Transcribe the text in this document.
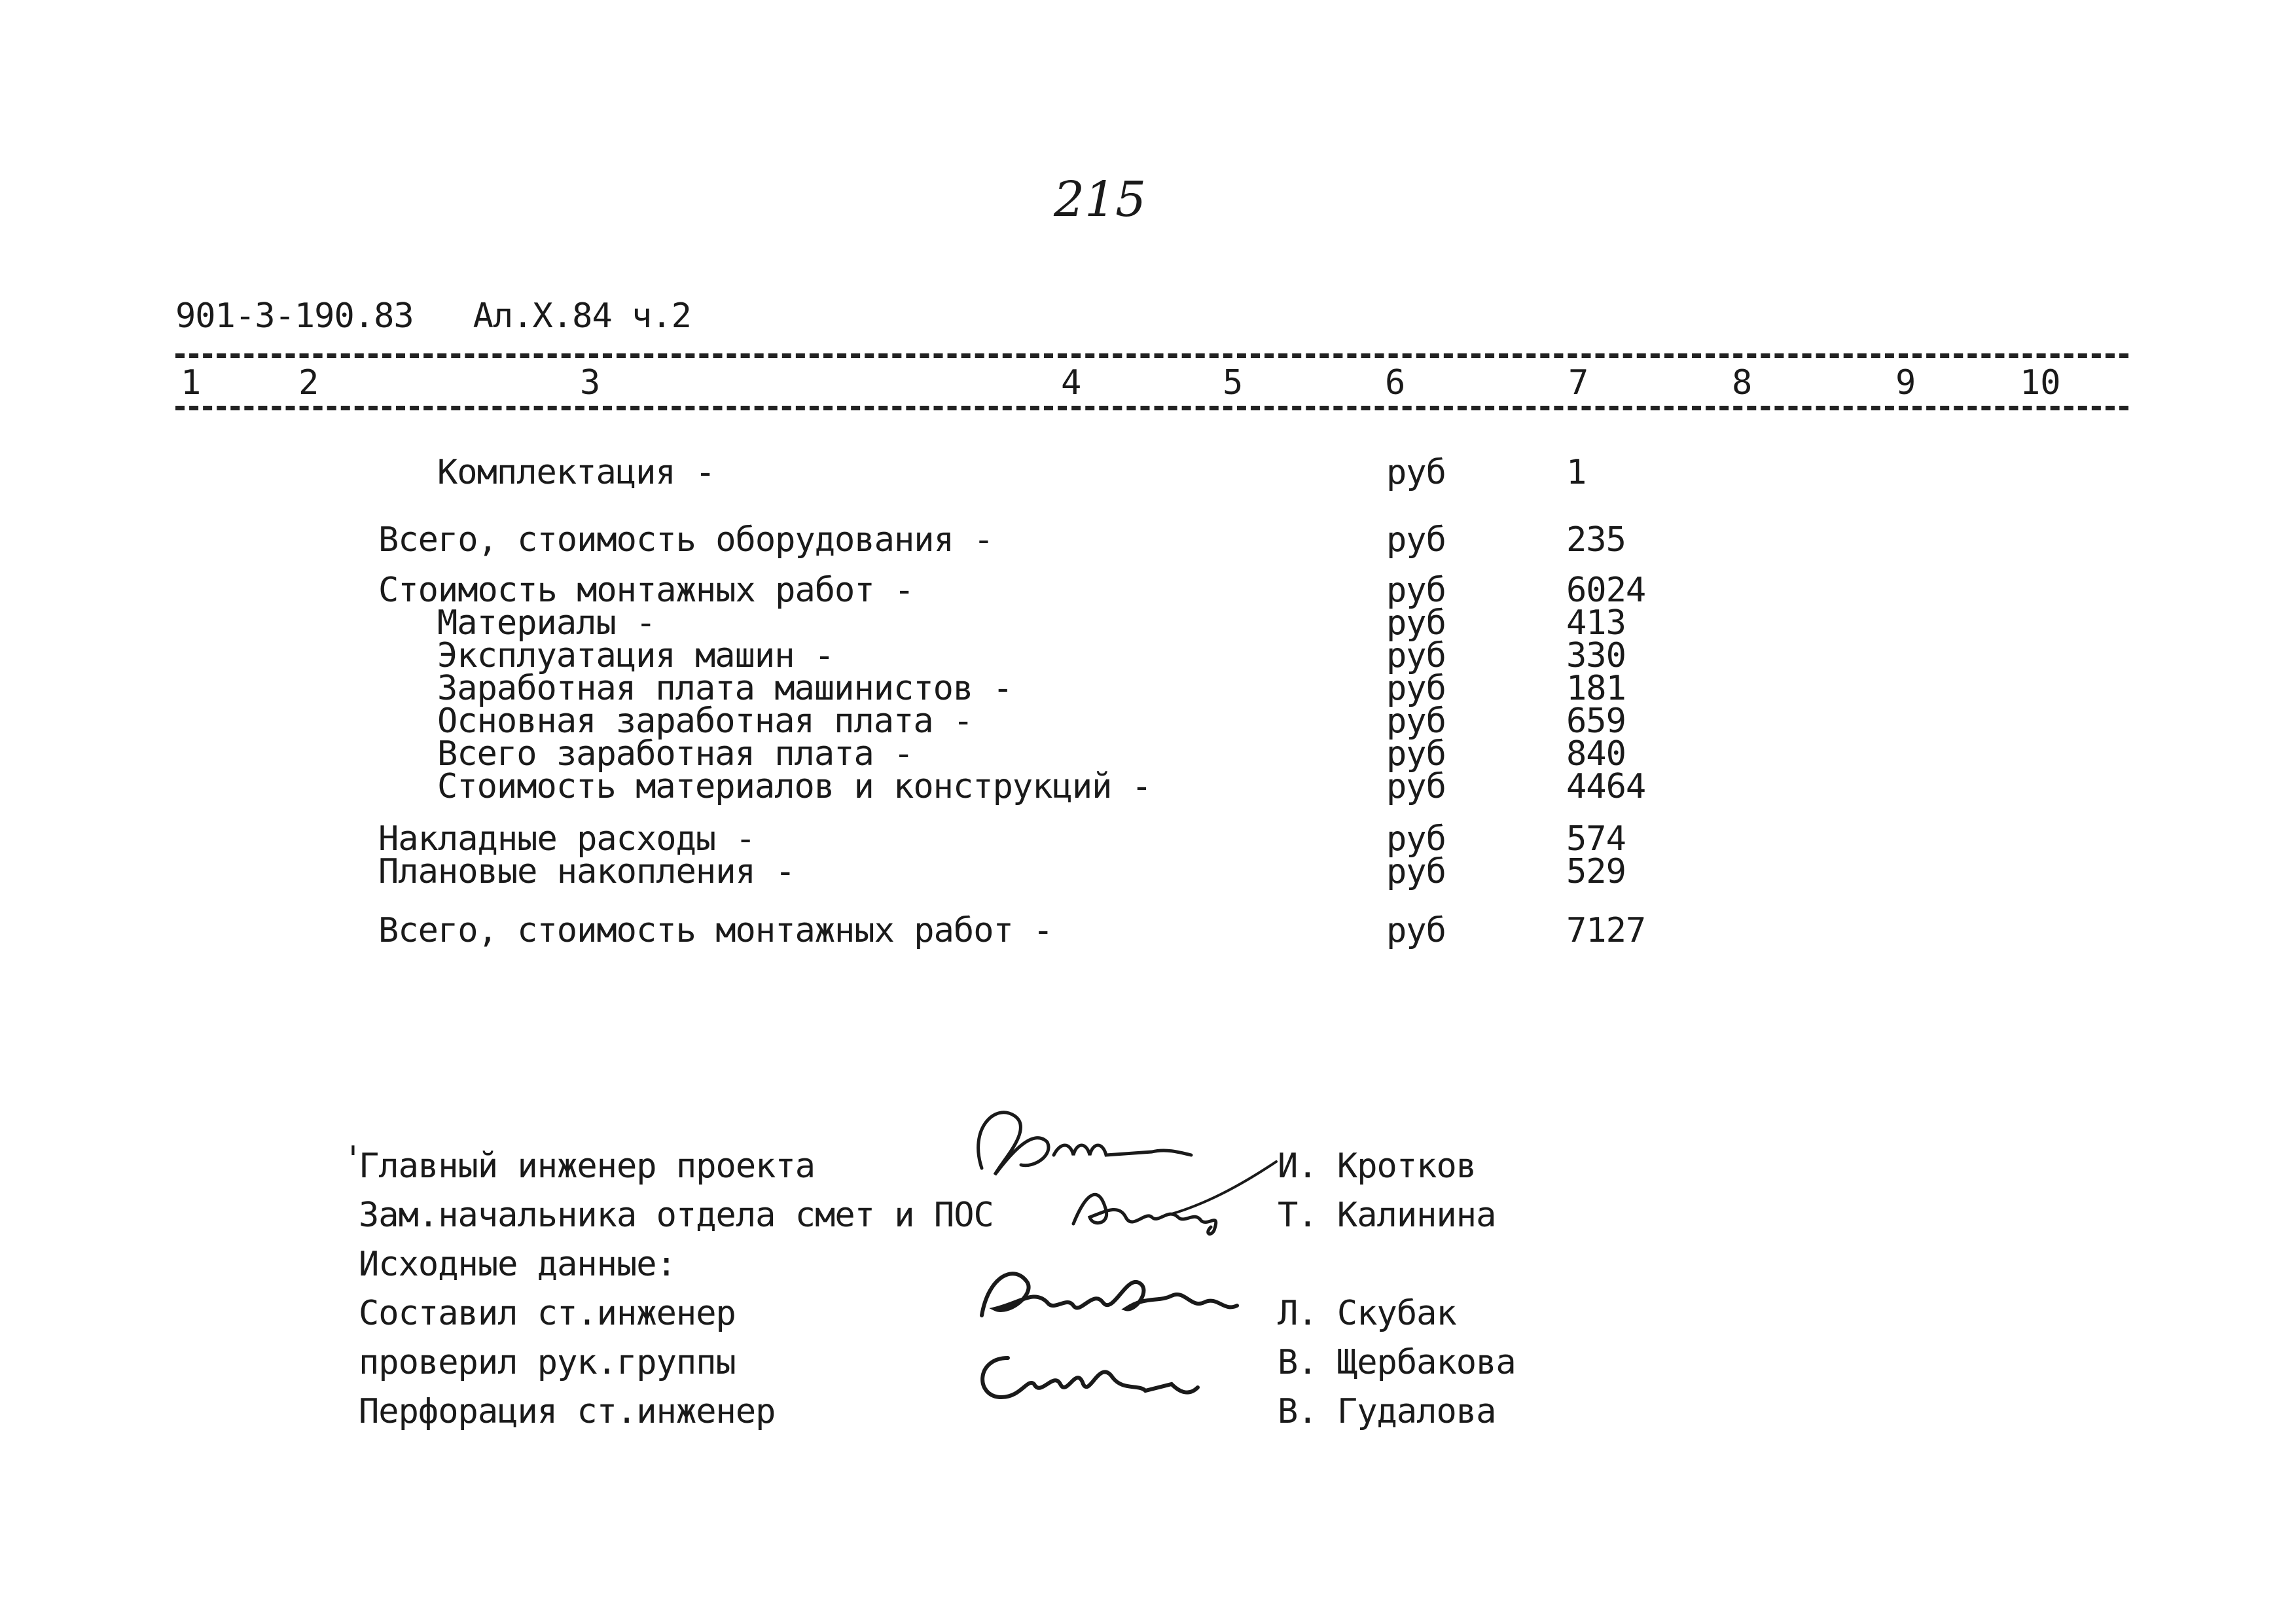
215
901-3-190.83   Ал.Х.84 ч.2
1	2	3	4	5	6	7	8	9	10
Комплектация -	руб	1
Всего, стоимость оборудования -	руб	235
Стоимость монтажных работ -	руб	6024
Материалы -	руб	413
Эксплуатация машин -	руб	330
Заработная плата машинистов -	руб	181
Основная заработная плата -	руб	659
Всего заработная плата -	руб	840
Стоимость материалов и конструкций -	руб	4464
Накладные расходы -	руб	574
Плановые накопления -	руб	529
Всего, стоимость монтажных работ -	руб	7127
' Главный инженер проекта	И. Кротков
Зам.начальника отдела смет и ПОС	Т. Калинина
Исходные данные:
Составил ст.инженер	Л. Скубак
проверил рук.группы	В. Щербакова
Перфорация ст.инженер	В. Гудалова
